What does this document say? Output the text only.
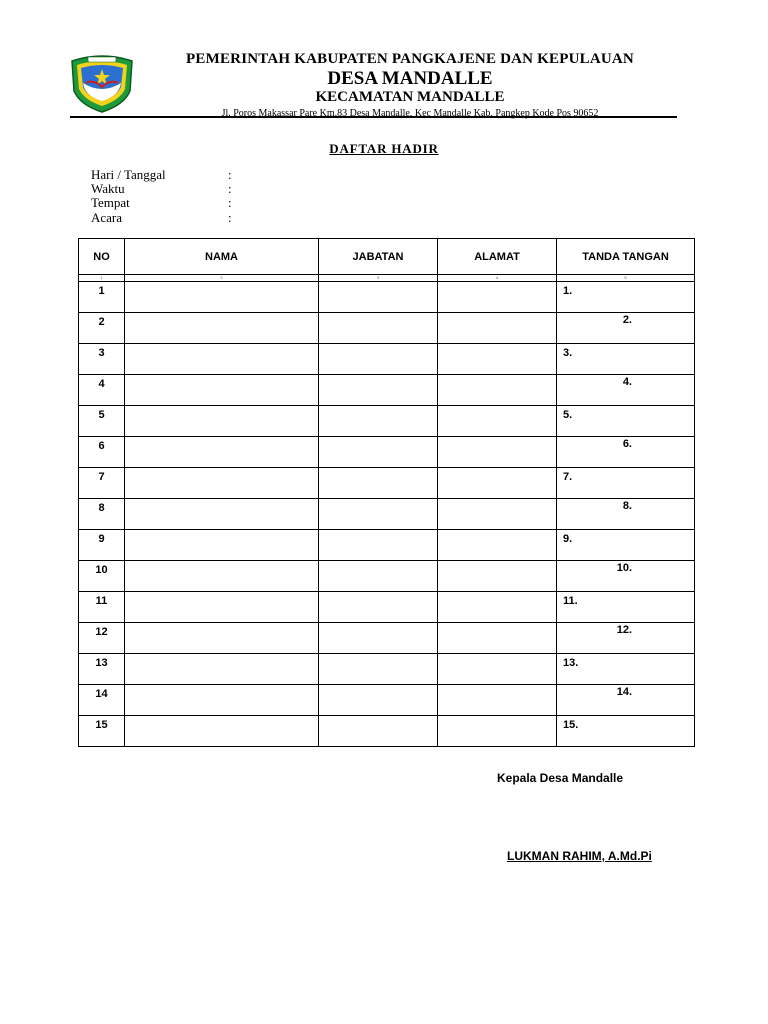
PEMERINTAH KABUPATEN PANGKAJENE DAN KEPULAUAN
DESA MANDALLE
KECAMATAN MANDALLE
Jl. Poros Makassar Pare Km.83 Desa Mandalle, Kec Mandalle Kab, Pangkep Kode Pos 90652
DAFTAR HADIR
Hari / Tanggal	:
Waktu	:
Tempat	:
Acara	:
NO	NAMA	JABATAN	ALAMAT	TANDA TANGAN
1	2	3	4	5
1				1.

2				2.

3				3.

4				4.

5				5.

6				6.

7				7.

8				8.

9				9.

10				10.

11				11.

12				12.

13				13.

14				14.

15				15.
Kepala Desa Mandalle
LUKMAN RAHIM, A.Md.Pi
